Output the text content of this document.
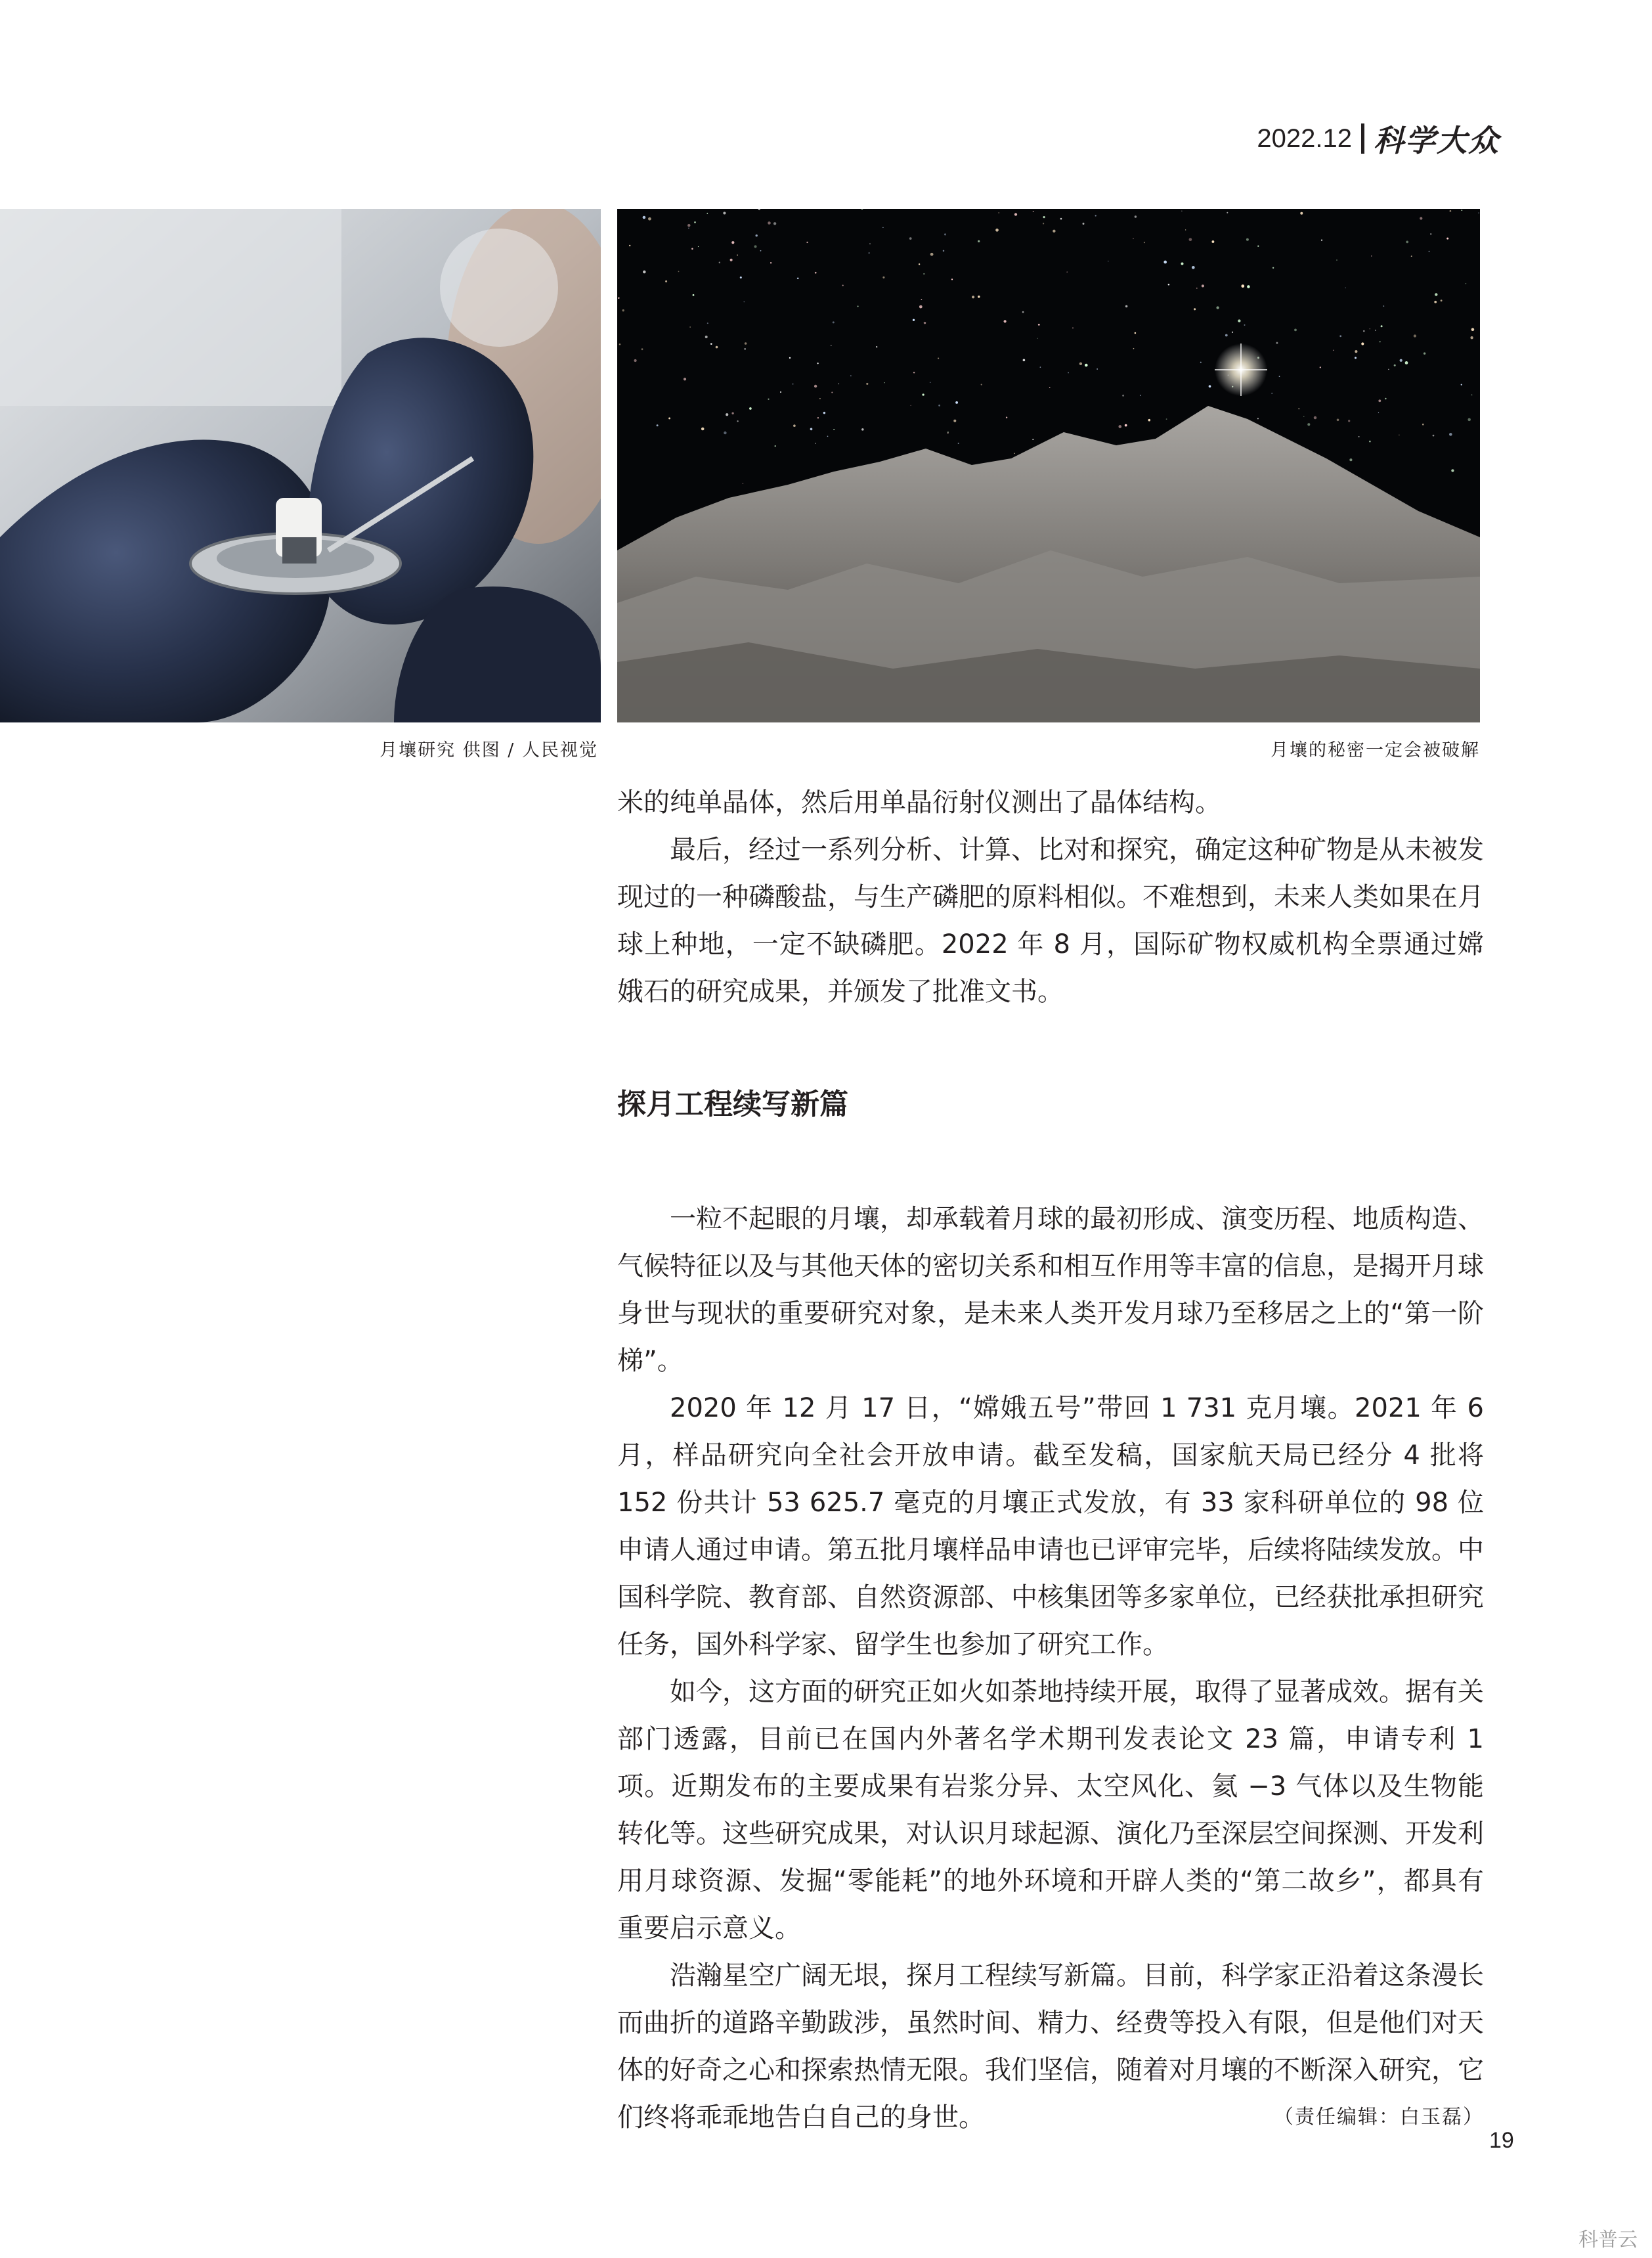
2022.12 科学大众
月壤研究 供图 / 人民视觉	月壤的秘密一定会被破解

米的纯单晶体，然后用单晶衍射仪测出了晶体结构。

最后，经过一系列分析、计算、比对和探究，确定这种矿物是从未被发现过的一种磷酸盐，与生产磷肥的原料相似。不难想到，未来人类如果在月球上种地，一定不缺磷肥。2022 年 8 月，国际矿物权威机构全票通过嫦娥石的研究成果，并颁发了批准文书。

探月工程续写新篇

一粒不起眼的月壤，却承载着月球的最初形成、演变历程、地质构造、气候特征以及与其他天体的密切关系和相互作用等丰富的信息，是揭开月球身世与现状的重要研究对象，是未来人类开发月球乃至移居之上的“第一阶梯”。

2020 年 12 月 17 日，“嫦娥五号”带回 1 731 克月壤。2021 年 6 月，样品研究向全社会开放申请。截至发稿，国家航天局已经分 4 批将 152 份共计 53 625.7 毫克的月壤正式发放，有 33 家科研单位的 98 位申请人通过申请。第五批月壤样品申请也已评审完毕，后续将陆续发放。中国科学院、教育部、自然资源部、中核集团等多家单位，已经获批承担研究任务，国外科学家、留学生也参加了研究工作。

如今，这方面的研究正如火如荼地持续开展，取得了显著成效。据有关部门透露，目前已在国内外著名学术期刊发表论文 23 篇，申请专利 1 项。近期发布的主要成果有岩浆分异、太空风化、氦 −3 气体以及生物能转化等。这些研究成果，对认识月球起源、演化乃至深层空间探测、开发利用月球资源、发掘“零能耗”的地外环境和开辟人类的“第二故乡”，都具有重要启示意义。

浩瀚星空广阔无垠，探月工程续写新篇。目前，科学家正沿着这条漫长而曲折的道路辛勤跋涉，虽然时间、精力、经费等投入有限，但是他们对天体的好奇之心和探索热情无限。我们坚信，随着对月壤的不断深入研究，它们终将乖乖地告白自己的身世。	（责任编辑：白玉磊）

19
科普云
